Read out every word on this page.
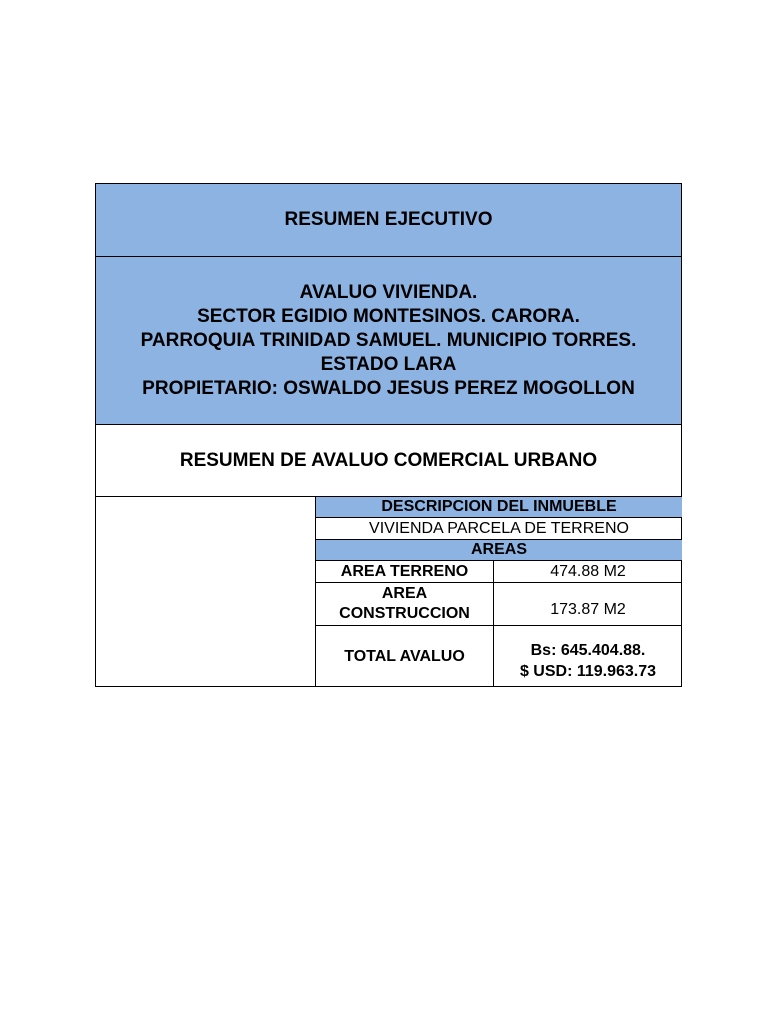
RESUMEN EJECUTIVO
AVALUO VIVIENDA.
SECTOR EGIDIO MONTESINOS. CARORA.
PARROQUIA TRINIDAD SAMUEL. MUNICIPIO TORRES.
ESTADO LARA
PROPIETARIO: OSWALDO JESUS PEREZ MOGOLLON
RESUMEN DE AVALUO COMERCIAL URBANO
DESCRIPCION DEL INMUEBLE
VIVIENDA PARCELA DE TERRENO
AREAS
AREA TERRENO	474.88 M2
AREA
CONSTRUCCION	173.87 M2
TOTAL AVALUO	Bs: 645.404.88.
$ USD: 119.963.73
